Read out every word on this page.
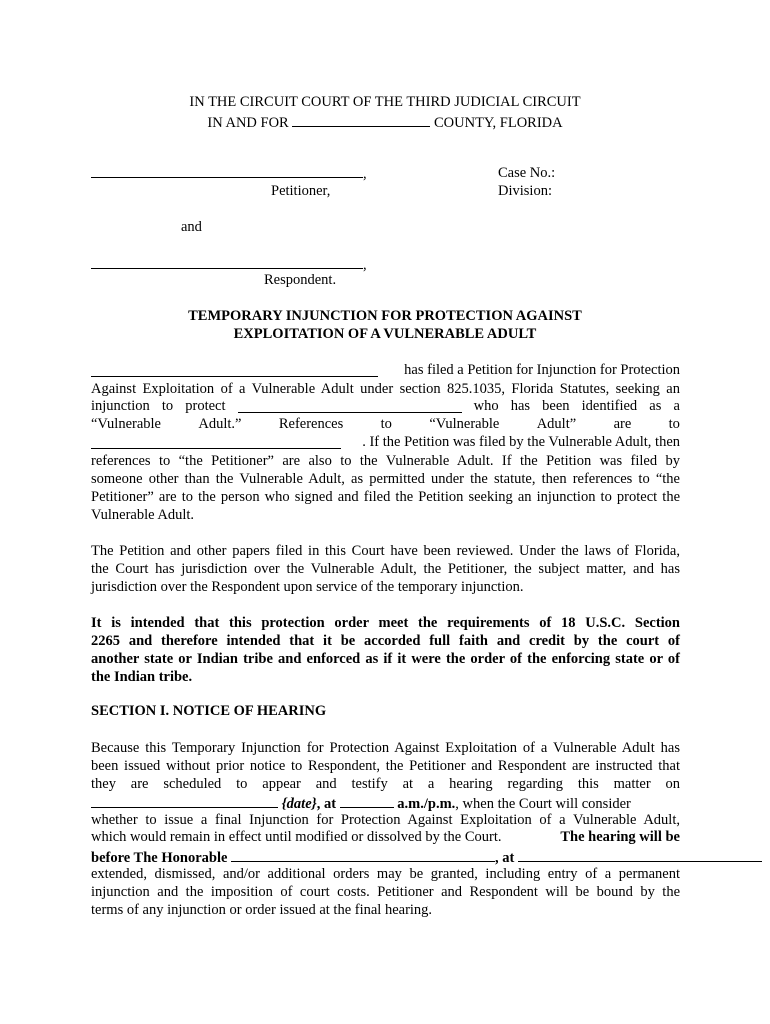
IN THE CIRCUIT COURT OF THE THIRD JUDICIAL CIRCUIT
IN AND FOR	COUNTY, FLORIDA
,
Petitioner,
Case No.:
Division:
and
,
Respondent.
TEMPORARY INJUNCTION FOR PROTECTION AGAINST
EXPLOITATION OF A VULNERABLE ADULT
has filed a Petition for Injunction for Protection
Against Exploitation of a Vulnerable Adult under section 825.1035, Florida Statutes, seeking an
injunction to protect	who has been identified as a
“Vulnerable	Adult.”	References	to	“Vulnerable	Adult”	are	to
. If the Petition was filed by the Vulnerable Adult, then
references to “the Petitioner” are also to the Vulnerable Adult. If the Petition was filed by
someone other than the Vulnerable Adult, as permitted under the statute, then references to “the
Petitioner” are to the person who signed and filed the Petition seeking an injunction to protect the
Vulnerable Adult.
The Petition and other papers filed in this Court have been reviewed. Under the laws of Florida,
the Court has jurisdiction over the Vulnerable Adult, the Petitioner, the subject matter, and has
jurisdiction over the Respondent upon service of the temporary injunction.
It is intended that this protection order meet the requirements of 18 U.S.C. Section
2265 and therefore intended that it be accorded full faith and credit by the court of
another state or Indian tribe and enforced as if it were the order of the enforcing state or of
the Indian tribe.
SECTION I. NOTICE OF HEARING
Because this Temporary Injunction for Protection Against Exploitation of a Vulnerable Adult has
been issued without prior notice to Respondent, the Petitioner and Respondent are instructed that
they are scheduled to appear and testify at a hearing regarding this matter on
{date}, at	a.m./p.m., when the Court will consider
whether to issue a final Injunction for Protection Against Exploitation of a Vulnerable Adult,
which would remain in effect until modified or dissolved by the Court.	The hearing will be
before The Honorable	, at
extended, dismissed, and/or additional orders may be granted, including entry of a permanent
injunction and the imposition of court costs. Petitioner and Respondent will be bound by the
terms of any injunction or order issued at the final hearing.
